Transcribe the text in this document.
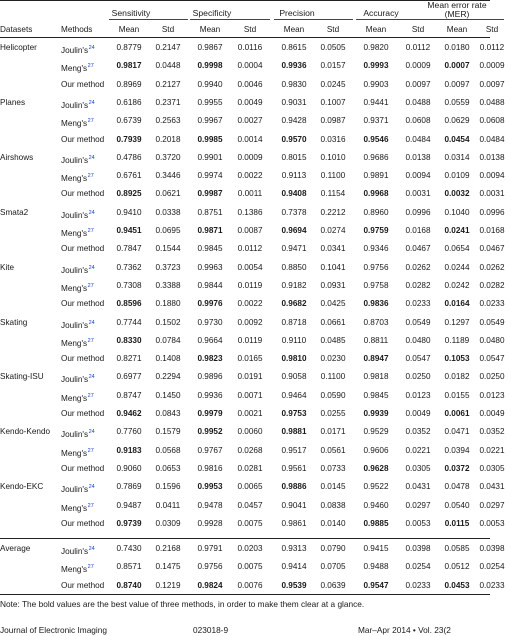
Sensitivity	Specificity	Precision	Accuracy
Mean error rate
(MER)
Datasets	Methods	Mean	Std	Mean	Std	Mean	Std	Mean	Std	Mean	Std
Helicopter	$Joulin's^{24}$	0.8779	0.2147	0.9867	0.0116	0.8615	0.0505	0.9820	0.0112	0.0180	0.0112
$Meng's^{27}$	0.9817	0.0448	0.9998	0.0004	0.9936	0.0157	0.9993	0.0009	0.0007	0.0009
Our method	0.8969	0.2127	0.9940	0.0046	0.9830	0.0245	0.9903	0.0097	0.0097	0.0097
Planes	$Joulin's^{24}$	0.6186	0.2371	0.9955	0.0049	0.9031	0.1007	0.9441	0.0488	0.0559	0.0488
$Meng's^{27}$	0.6739	0.2563	0.9967	0.0027	0.9428	0.0987	0.9371	0.0608	0.0629	0.0608
Our method	0.7939	0.2018	0.9985	0.0014	0.9570	0.0316	0.9546	0.0484	0.0454	0.0484
Airshows	$Joulin's^{24}$	0.4786	0.3720	0.9901	0.0009	0.8015	0.1010	0.9686	0.0138	0.0314	0.0138
$Meng's^{27}$	0.6761	0.3446	0.9974	0.0022	0.9113	0.1100	0.9891	0.0094	0.0109	0.0094
Our method	0.8925	0.0621	0.9987	0.0011	0.9408	0.1154	0.9968	0.0031	0.0032	0.0031
Smata2	$Joulin's^{24}$	0.9410	0.0338	0.8751	0.1386	0.7378	0.2212	0.8960	0.0996	0.1040	0.0996
$Meng's^{27}$	0.9451	0.0695	0.9871	0.0087	0.9694	0.0274	0.9759	0.0168	0.0241	0.0168
Our method	0.7847	0.1544	0.9845	0.0112	0.9471	0.0341	0.9346	0.0467	0.0654	0.0467
Kite	$Joulin's^{24}$	0.7362	0.3723	0.9963	0.0054	0.8850	0.1041	0.9756	0.0262	0.0244	0.0262
$Meng's^{27}$	0.7308	0.3388	0.9844	0.0119	0.9182	0.0931	0.9758	0.0282	0.0242	0.0282
Our method	0.8596	0.1880	0.9976	0.0022	0.9682	0.0425	0.9836	0.0233	0.0164	0.0233
Skating	$Joulin's^{24}$	0.7744	0.1502	0.9730	0.0092	0.8718	0.0661	0.8703	0.0549	0.1297	0.0549
$Meng's^{27}$	0.8330	0.0784	0.9664	0.0119	0.9110	0.0485	0.8811	0.0480	0.1189	0.0480
Our method	0.8271	0.1408	0.9823	0.0165	0.9810	0.0230	0.8947	0.0547	0.1053	0.0547
Skating-ISU $Joulin's^{24}$	0.6977	0.2294	0.9896	0.0191	0.9058	0.1100	0.9818	0.0250	0.0182	0.0250
$Meng's^{27}$	0.8747	0.1450	0.9936	0.0071	0.9464	0.0590	0.9845	0.0123	0.0155	0.0123
Our method	0.9462	0.0843	0.9979	0.0021	0.9753	0.0255	0.9939	0.0049	0.0061	0.0049
Kendo-Kendo $Joulin's^{24}$	0.7760	0.1579	0.9952	0.0060	0.9881	0.0171	0.9529	0.0352	0.0471	0.0352
$Meng's^{27}$	0.9183	0.0568	0.9767	0.0268	0.9517	0.0561	0.9606	0.0221	0.0394	0.0221
Our method	0.9060	0.0653	0.9816	0.0281	0.9561	0.0733	0.9628	0.0305	0.0372	0.0305
Kendo-EKC $Joulin's^{24}$	0.7869	0.1596	0.9953	0.0065	0.9886	0.0145	0.9522	0.0431	0.0478	0.0431
$Meng's^{27}$	0.9487	0.0411	0.9478	0.0457	0.9041	0.0838	0.9460	0.0297	0.0540	0.0297
Our method	0.9739	0.0309	0.9928	0.0075	0.9861	0.0140	0.9885	0.0053	0.0115	0.0053
Average	$Joulin's^{24}$	0.7430	0.2168	0.9791	0.0203	0.9313	0.0790	0.9415	0.0398	0.0585	0.0398
$Meng's^{27}$	0.8571	0.1475	0.9756	0.0075	0.9414	0.0705	0.9488	0.0254	0.0512	0.0254
Our method	0.8740	0.1219	0.9824	0.0076	0.9539	0.0639	0.9547	0.0233	0.0453	0.0233
Note: The bold values are the best value of three methods, in order to make them clear at a glance.
Journal of Electronic Imaging	023018-9	Mar–Apr 2014 • Vol. 23(2
